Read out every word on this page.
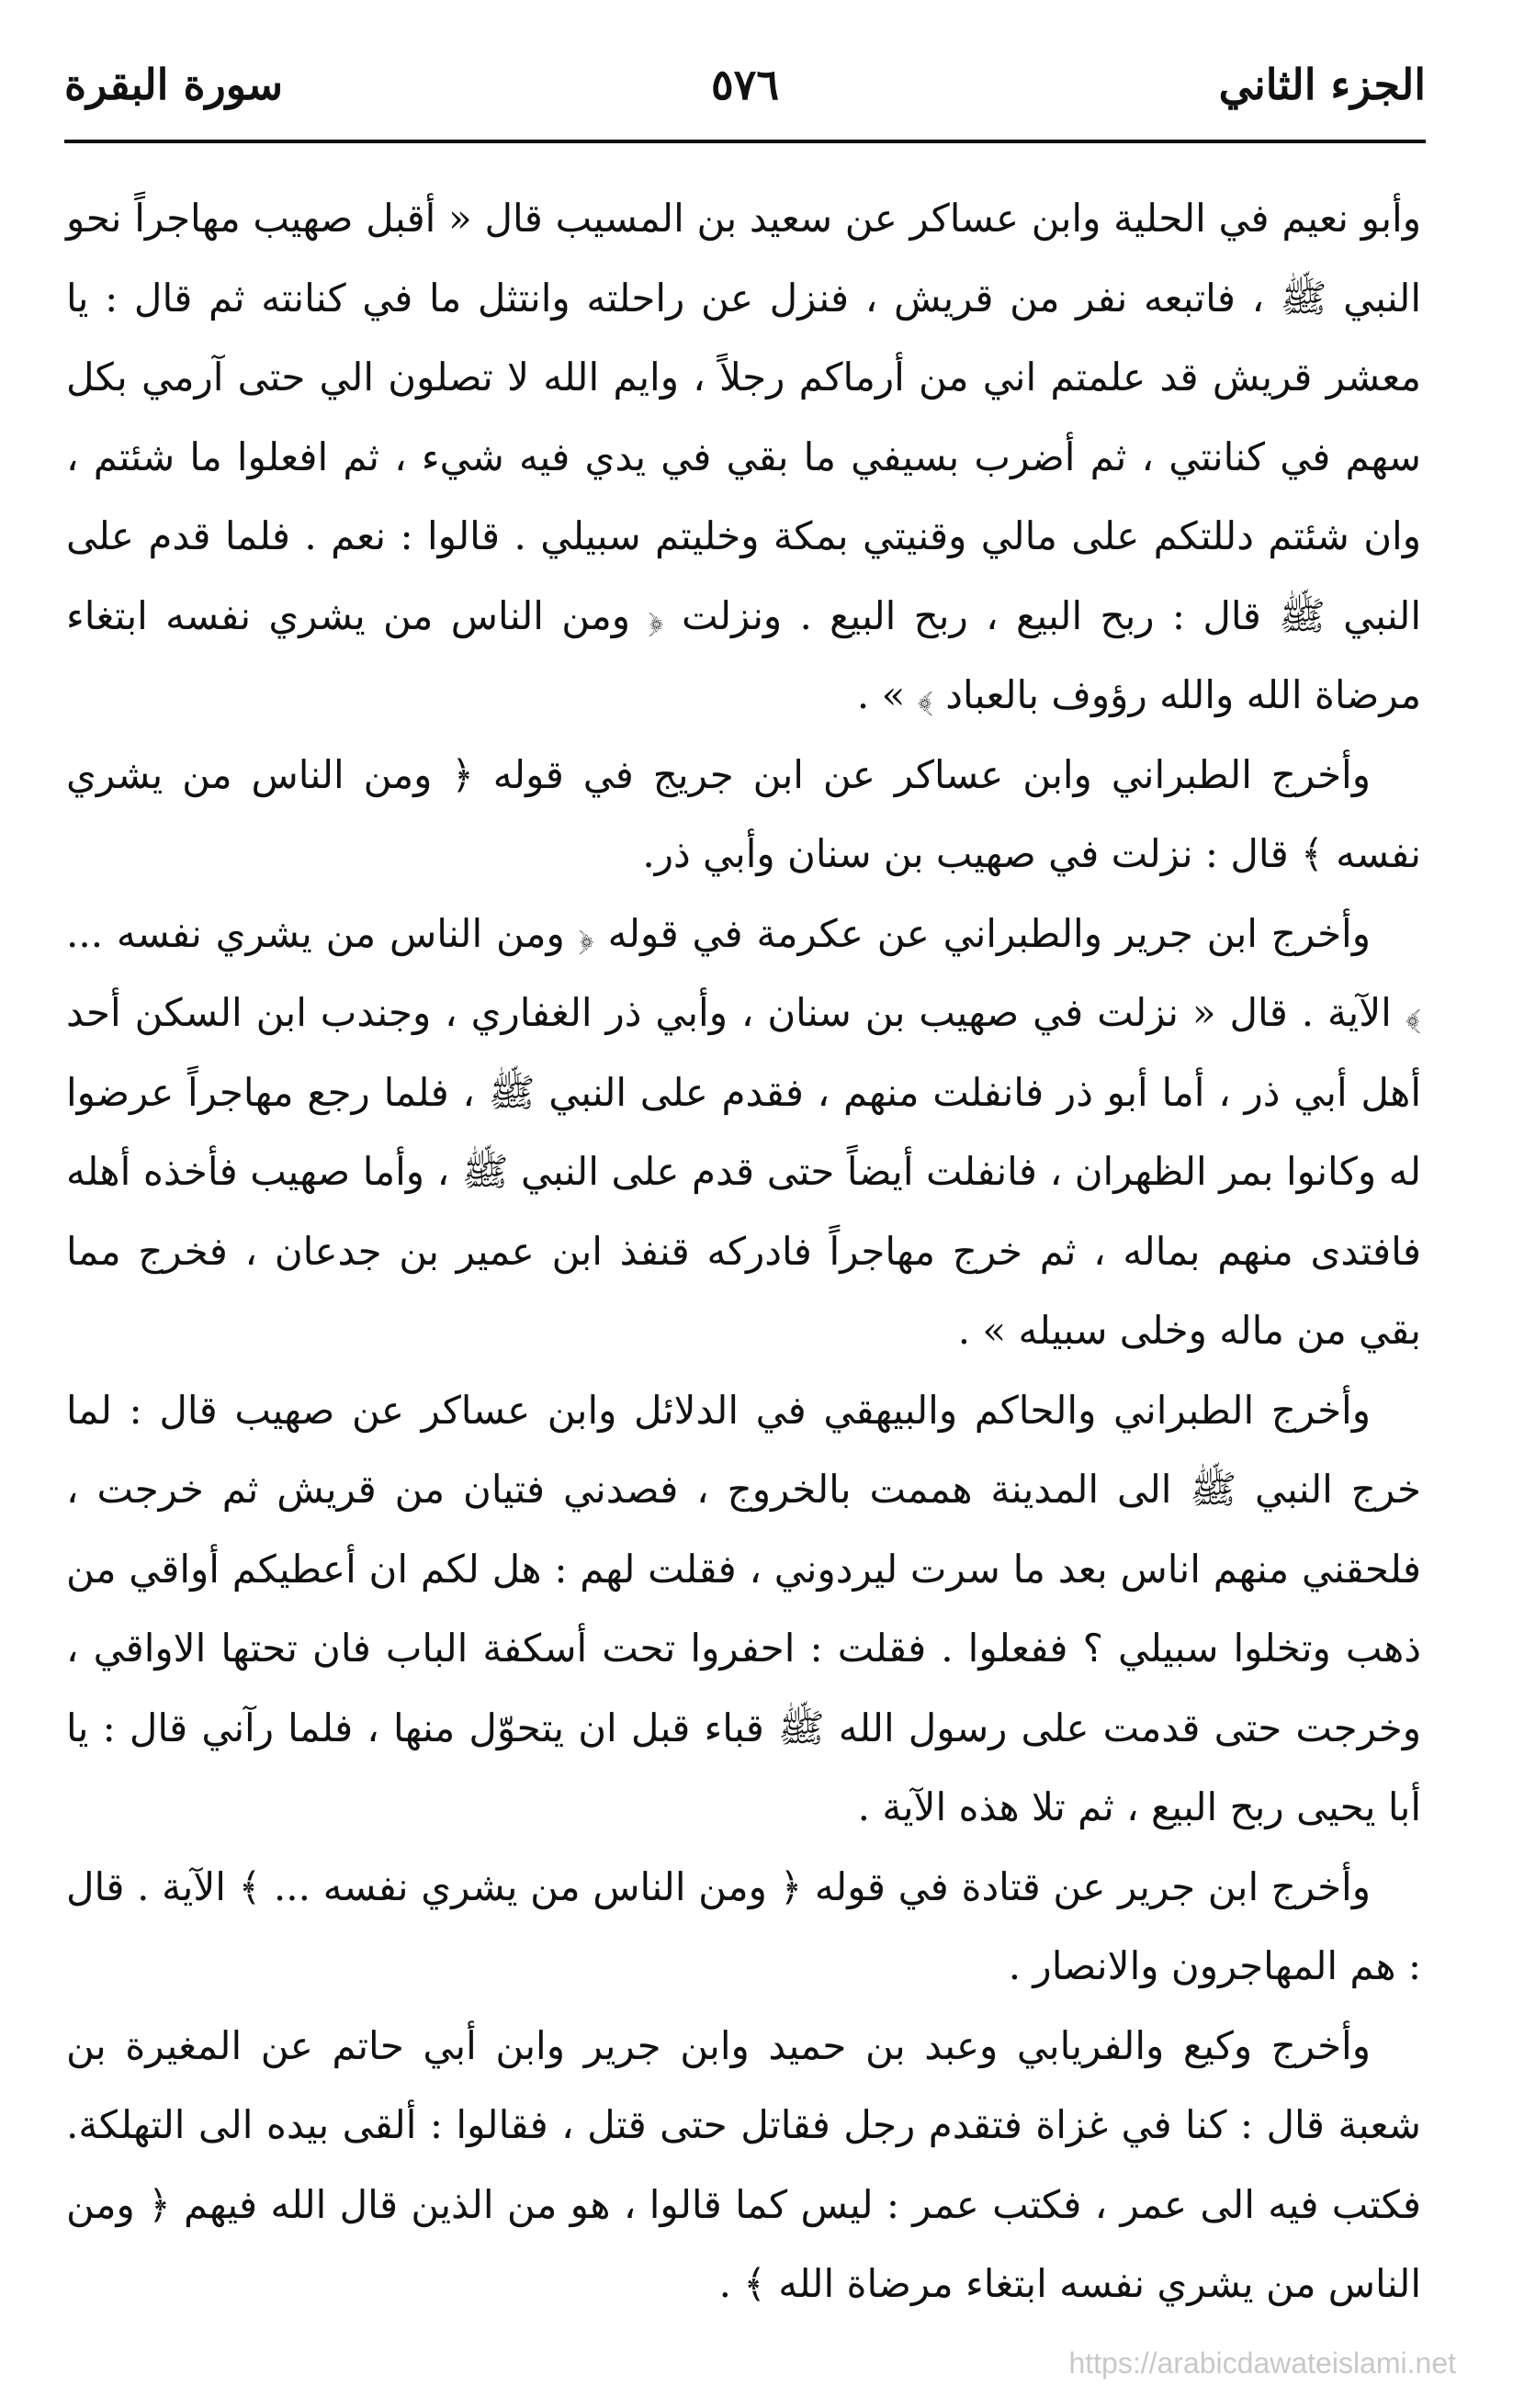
الجزء الثاني
٥٧٦
سورة البقرة

وأبو نعيم في الحلية وابن عساكر عن سعيد بن المسيب قال « أقبل صهيب مهاجراً نحو النبي ﷺ ، فاتبعه نفر من قريش ، فنزل عن راحلته وانتثل ما في كنانته ثم قال : يا معشر قريش قد علمتم اني من أرماكم رجلاً ، وايم الله لا تصلون الي حتى آرمي بكل سهم في كنانتي ، ثم أضرب بسيفي ما بقي في يدي فيه شيء ، ثم افعلوا ما شئتم ، وان شئتم دللتكم على مالي وقنيتي بمكة وخليتم سبيلي . قالوا : نعم . فلما قدم على النبي ﷺ قال : ربح البيع ، ربح البيع . ونزلت ﴿ ومن الناس من يشري نفسه ابتغاء مرضاة الله والله رؤوف بالعباد ﴾ » .

وأخرج الطبراني وابن عساكر عن ابن جريج في قوله ﴿ ومن الناس من يشري نفسه ﴾ قال : نزلت في صهيب بن سنان وأبي ذر.

وأخرج ابن جرير والطبراني عن عكرمة في قوله ﴿ ومن الناس من يشري نفسه ... ﴾ الآية . قال « نزلت في صهيب بن سنان ، وأبي ذر الغفاري ، وجندب ابن السكن أحد أهل أبي ذر ، أما أبو ذر فانفلت منهم ، فقدم على النبي ﷺ ، فلما رجع مهاجراً عرضوا له وكانوا بمر الظهران ، فانفلت أيضاً حتى قدم على النبي ﷺ ، وأما صهيب فأخذه أهله فافتدى منهم بماله ، ثم خرج مهاجراً فادركه قنفذ ابن عمير بن جدعان ، فخرج مما بقي من ماله وخلى سبيله » .

وأخرج الطبراني والحاكم والبيهقي في الدلائل وابن عساكر عن صهيب قال : لما خرج النبي ﷺ الى المدينة هممت بالخروج ، فصدني فتيان من قريش ثم خرجت ، فلحقني منهم اناس بعد ما سرت ليردوني ، فقلت لهم : هل لكم ان أعطيكم أواقي من ذهب وتخلوا سبيلي ؟ ففعلوا . فقلت : احفروا تحت أسكفة الباب فان تحتها الاواقي ، وخرجت حتى قدمت على رسول الله ﷺ قباء قبل ان يتحوّل منها ، فلما رآني قال : يا أبا يحيى ربح البيع ، ثم تلا هذه الآية .

وأخرج ابن جرير عن قتادة في قوله ﴿ ومن الناس من يشري نفسه ... ﴾ الآية . قال : هم المهاجرون والانصار .

وأخرج وكيع والفريابي وعبد بن حميد وابن جرير وابن أبي حاتم عن المغيرة بن شعبة قال : كنا في غزاة فتقدم رجل فقاتل حتى قتل ، فقالوا : ألقى بيده الى التهلكة. فكتب فيه الى عمر ، فكتب عمر : ليس كما قالوا ، هو من الذين قال الله فيهم ﴿ ومن الناس من يشري نفسه ابتغاء مرضاة الله ﴾ .

https://arabicdawateislami.net
